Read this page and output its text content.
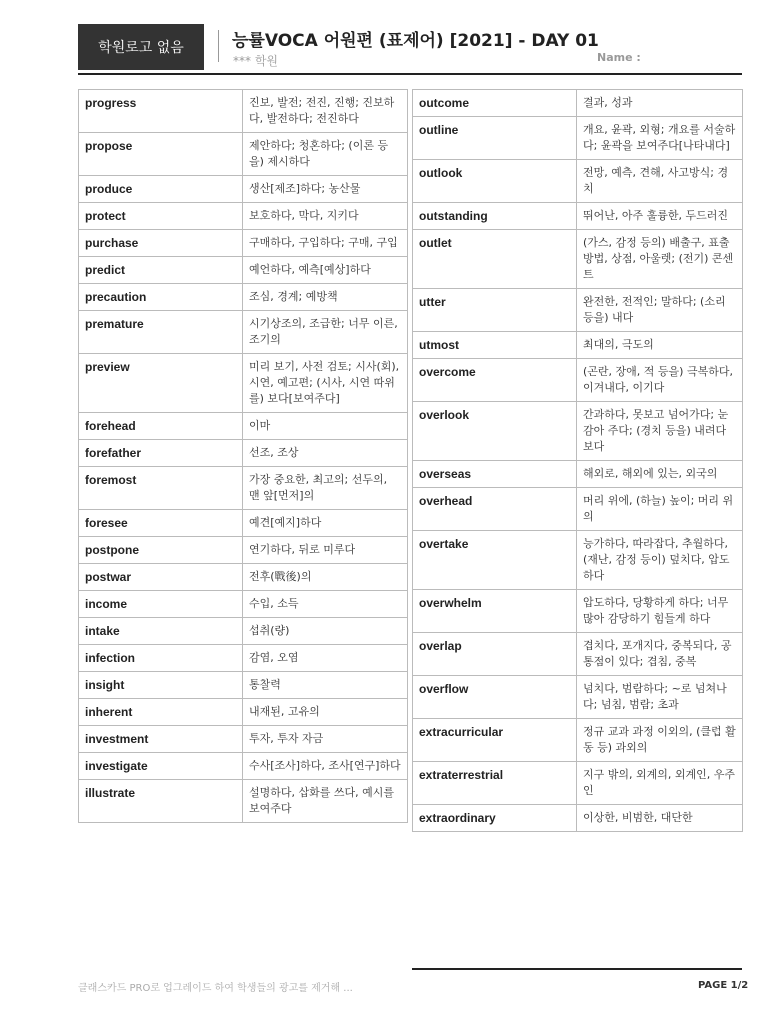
학원로고 없음	능률VOCA 어원편 (표제어) [2021] - DAY 01
*** 학원	Name :
progress	진보, 발전; 전진, 진행; 진보하다, 발전하다; 전진하다
propose	제안하다; 청혼하다; (이론 등을) 제시하다
produce	생산[제조]하다; 농산물
protect	보호하다, 막다, 지키다
purchase	구매하다, 구입하다; 구매, 구입
predict	예언하다, 예측[예상]하다
precaution	조심, 경계; 예방책
premature	시기상조의, 조급한; 너무 이른, 조기의
preview	미리 보기, 사전 검토; 시사(회), 시연, 예고편; (시사, 시연 따위를) 보다[보여주다]
forehead	이마
forefather	선조, 조상
foremost	가장 중요한, 최고의; 선두의, 맨 앞[먼저]의
foresee	예견[예지]하다
postpone	연기하다, 뒤로 미루다
postwar	전후(戰後)의
income	수입, 소득
intake	섭취(량)
infection	감염, 오염
insight	통찰력
inherent	내재된, 고유의
investment	투자, 투자 자금
investigate	수사[조사]하다, 조사[연구]하다
illustrate	설명하다, 삽화를 쓰다, 예시를 보여주다
outcome	결과, 성과
outline	개요, 윤곽, 외형; 개요를 서술하다; 윤곽을 보여주다[나타내다]
outlook	전망, 예측, 견해, 사고방식; 경치
outstanding	뛰어난, 아주 훌륭한, 두드러진
outlet	(가스, 감정 등의) 배출구, 표출 방법, 상점, 아울렛; (전기) 콘센트
utter	완전한, 전적인; 말하다; (소리 등을) 내다
utmost	최대의, 극도의
overcome	(곤란, 장애, 적 등을) 극복하다, 이겨내다, 이기다
overlook	간과하다, 못보고 넘어가다; 눈감아 주다; (경치 등을) 내려다보다
overseas	해외로, 해외에 있는, 외국의
overhead	머리 위에, (하늘) 높이; 머리 위의
overtake	능가하다, 따라잡다, 추월하다, (재난, 감정 등이) 덮치다, 압도하다
overwhelm	압도하다, 당황하게 하다; 너무 많아 감당하기 힘들게 하다
overlap	겹치다, 포개지다, 중복되다, 공통점이 있다; 겹침, 중복
overflow	넘치다, 범람하다; ~로 넘쳐나다; 넘침, 범람; 초과
extracurricular	정규 교과 과정 이외의, (클럽 활동 등) 과외의
extraterrestrial	지구 밖의, 외계의, 외계인, 우주인
extraordinary	이상한, 비범한, 대단한
클래스카드 PRO로 업그레이드 하여 학생들의 광고를 제거해 ...	PAGE 1/2
